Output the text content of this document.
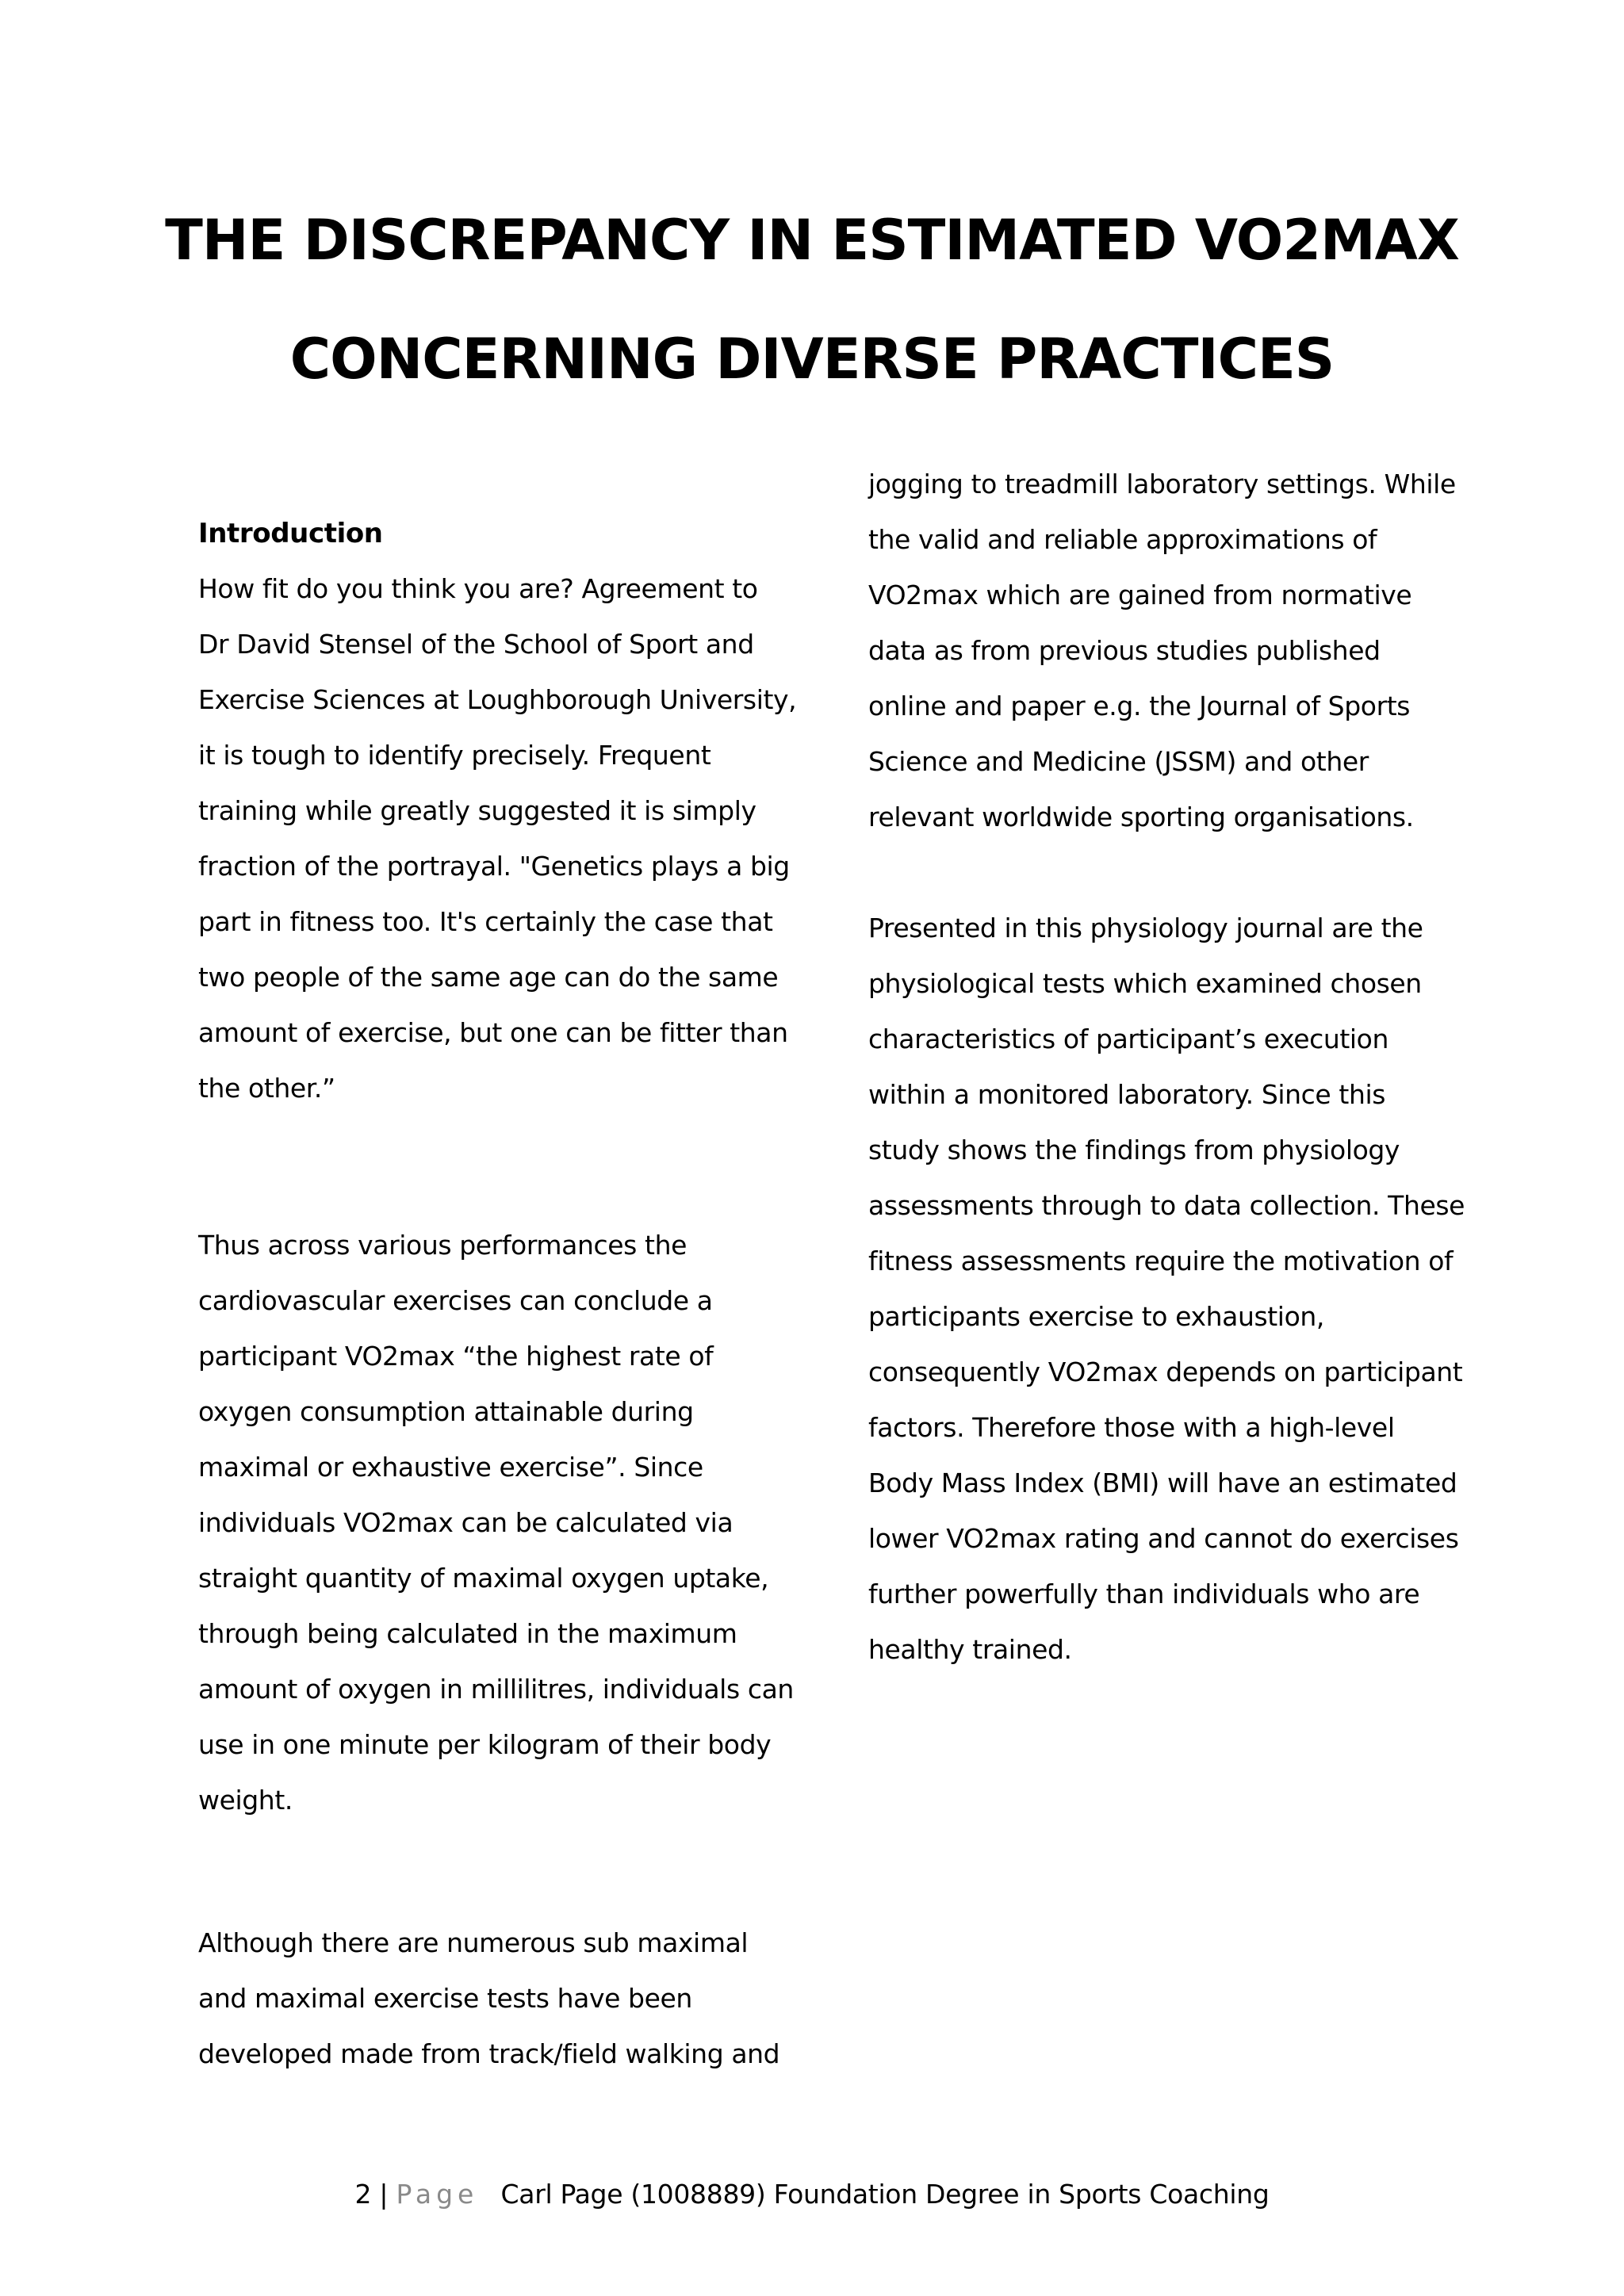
THE DISCREPANCY IN ESTIMATED VO2MAX
CONCERNING DIVERSE PRACTICES

Introduction

How fit do you think you are? Agreement to

Dr David Stensel of the School of Sport and

Exercise Sciences at Loughborough University,

it is tough to identify precisely. Frequent

training while greatly suggested it is simply

fraction of the portrayal. "Genetics plays a big

part in fitness too. It's certainly the case that

two people of the same age can do the same

amount of exercise, but one can be fitter than

the other.”

Thus across various performances the

cardiovascular exercises can conclude a

participant VO2max “the highest rate of

oxygen consumption attainable during

maximal or exhaustive exercise”. Since

individuals VO2max can be calculated via

straight quantity of maximal oxygen uptake,

through being calculated in the maximum

amount of oxygen in millilitres, individuals can

use in one minute per kilogram of their body

weight.

Although there are numerous sub maximal

and maximal exercise tests have been

developed made from track/field walking and

jogging to treadmill laboratory settings. While

the valid and reliable approximations of

VO2max which are gained from normative

data as from previous studies published

online and paper e.g. the Journal of Sports

Science and Medicine (JSSM) and other

relevant worldwide sporting organisations.

Presented in this physiology journal are the

physiological tests which examined chosen

characteristics of participant’s execution

within a monitored laboratory. Since this

study shows the findings from physiology

assessments through to data collection. These

fitness assessments require the motivation of

participants exercise to exhaustion,

consequently VO2max depends on participant

factors. Therefore those with a high-level

Body Mass Index (BMI) will have an estimated

lower VO2max rating and cannot do exercises

further powerfully than individuals who are

healthy trained.

2 | Page Carl Page (1008889) Foundation Degree in Sports Coaching
